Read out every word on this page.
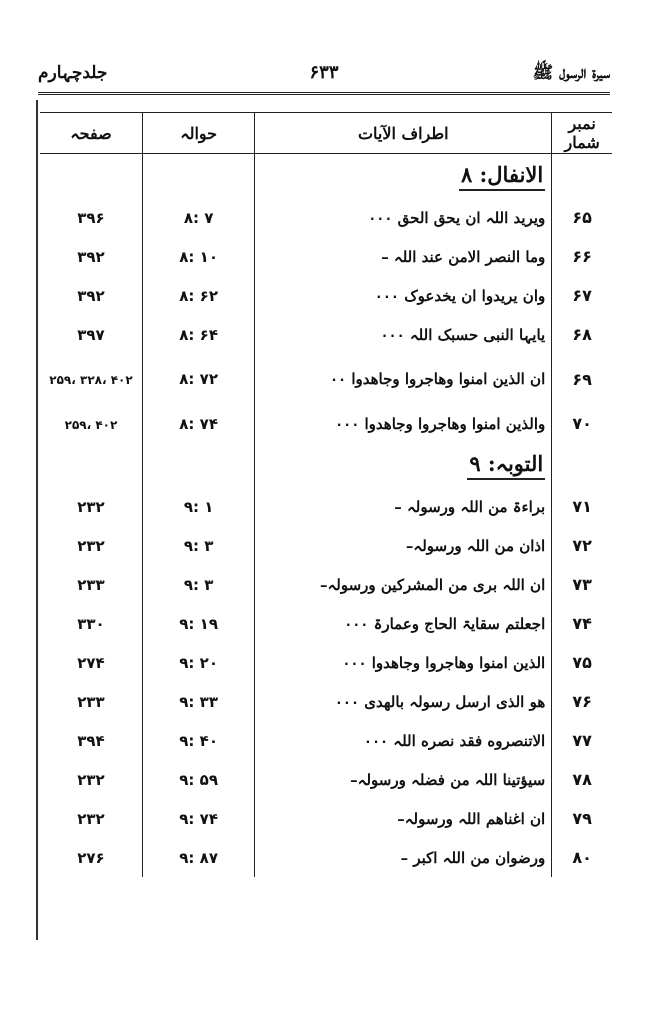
جلدچہارم	۶۳۳	سیرۃ الرسول ﷺ
نمبر شمار	اطراف الآیات	حوالہ	صفحہ
	الانفال: ۸		
۶۵	ویرید اللہ ان یحق الحق ۰۰۰	۸: ۷	۳۹۶
۶۶	وما النصر الامن عند اللہ –	۸: ۱۰	۳۹۲
۶۷	وان یریدوا ان یخدعوک ۰۰۰	۸: ۶۲	۳۹۲
۶۸	یایہا النبی حسبک اللہ ۰۰۰	۸: ۶۴	۳۹۷
۶۹	ان الذین امنوا وهاجروا وجاهدوا ۰۰	۸: ۷۲	۲۵۹، ۳۲۸، ۴۰۲
۷۰	والذین امنوا وهاجروا وجاهدوا ۰۰۰	۸: ۷۴	۲۵۹، ۴۰۲
	التوبہ: ۹		
۷۱	براءۃ من اللہ ورسولہ –	۹: ۱	۲۳۲
۷۲	اذان من اللہ ورسولہ–	۹: ۳	۲۳۲
۷۳	ان اللہ بری من المشرکین ورسولہ–	۹: ۳	۲۳۳
۷۴	اجعلتم سقایۃ الحاج وعمارۃ ۰۰۰	۹: ۱۹	۳۳۰
۷۵	الذین امنوا وهاجروا وجاهدوا ۰۰۰	۹: ۲۰	۲۷۴
۷۶	هو الذی ارسل رسولہ بالهدی ۰۰۰	۹: ۳۳	۲۳۳
۷۷	الاتنصروه فقد نصره اللہ ۰۰۰	۹: ۴۰	۳۹۴
۷۸	سیؤتینا اللہ من فضلہ ورسولہ–	۹: ۵۹	۲۳۲
۷۹	ان اغناهم اللہ ورسولہ–	۹: ۷۴	۲۳۲
۸۰	ورضوان من اللہ اکبر –	۹: ۸۷	۲۷۶
